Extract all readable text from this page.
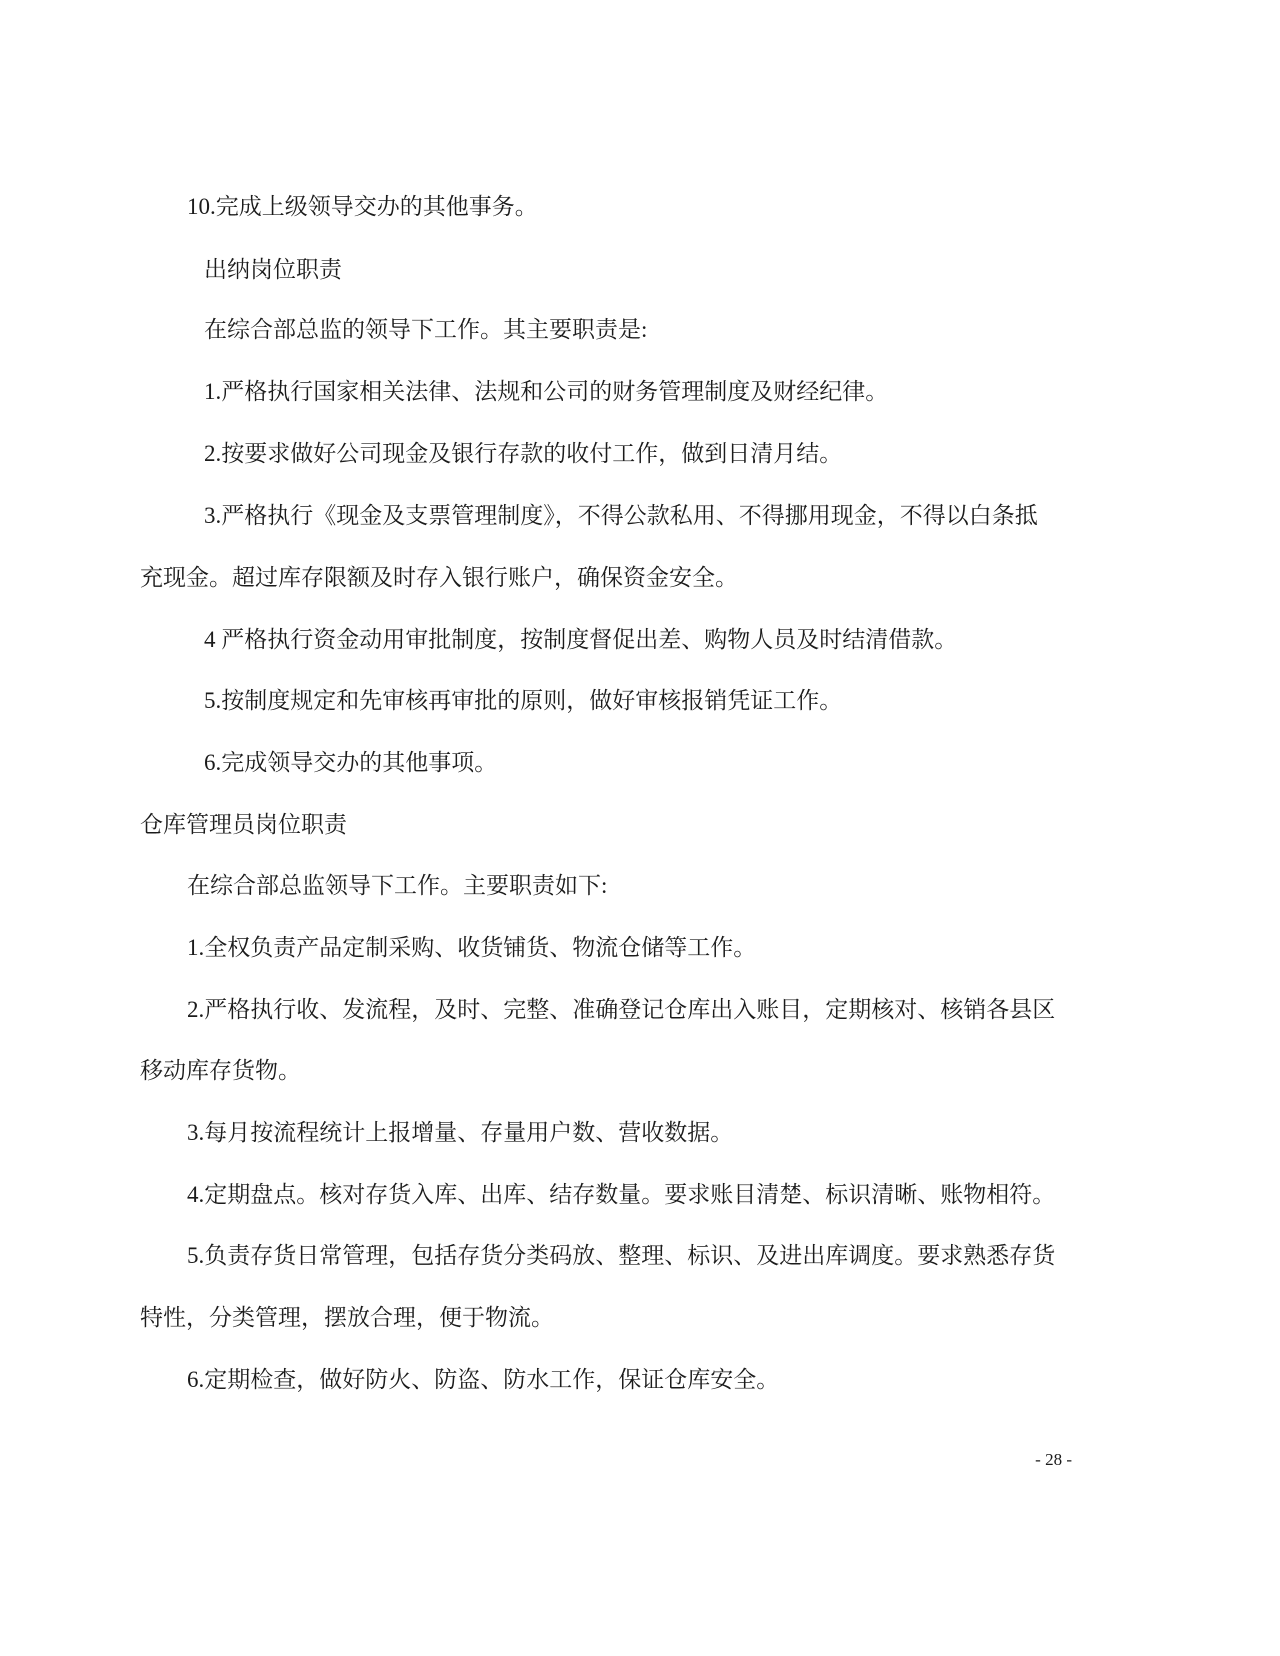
10.完成上级领导交办的其他事务。

出纳岗位职责

在综合部总监的领导下工作。其主要职责是:

1.严格执行国家相关法律、法规和公司的财务管理制度及财经纪律。

2.按要求做好公司现金及银行存款的收付工作，做到日清月结。

3.严格执行《现金及支票管理制度》，不得公款私用、不得挪用现金，不得以白条抵

充现金。超过库存限额及时存入银行账户，确保资金安全。

4 严格执行资金动用审批制度，按制度督促出差、购物人员及时结清借款。

5.按制度规定和先审核再审批的原则，做好审核报销凭证工作。

6.完成领导交办的其他事项。

仓库管理员岗位职责

在综合部总监领导下工作。主要职责如下:

1.全权负责产品定制采购、收货铺货、物流仓储等工作。

2.严格执行收、发流程，及时、完整、准确登记仓库出入账目，定期核对、核销各县区

移动库存货物。

3.每月按流程统计上报增量、存量用户数、营收数据。

4.定期盘点。核对存货入库、出库、结存数量。要求账目清楚、标识清晰、账物相符。

5.负责存货日常管理，包括存货分类码放、整理、标识、及进出库调度。要求熟悉存货

特性，分类管理，摆放合理，便于物流。

6.定期检查，做好防火、防盗、防水工作，保证仓库安全。

- 28 -
